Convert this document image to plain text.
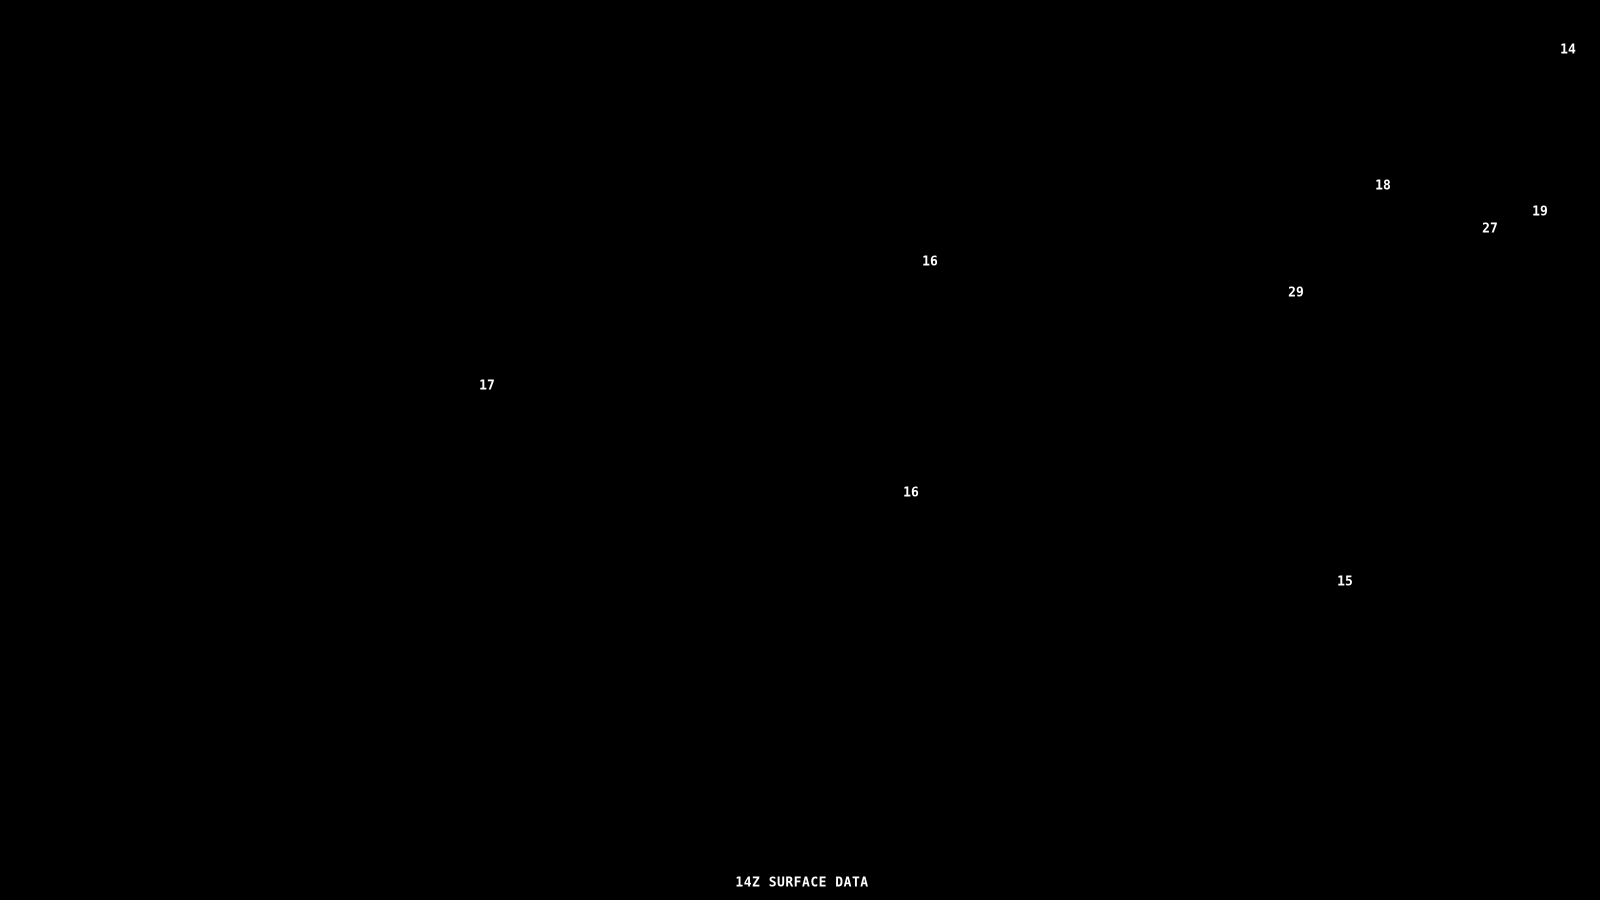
14Z SURFACE DATA
14
18
19
27
16
29
17
16
15
